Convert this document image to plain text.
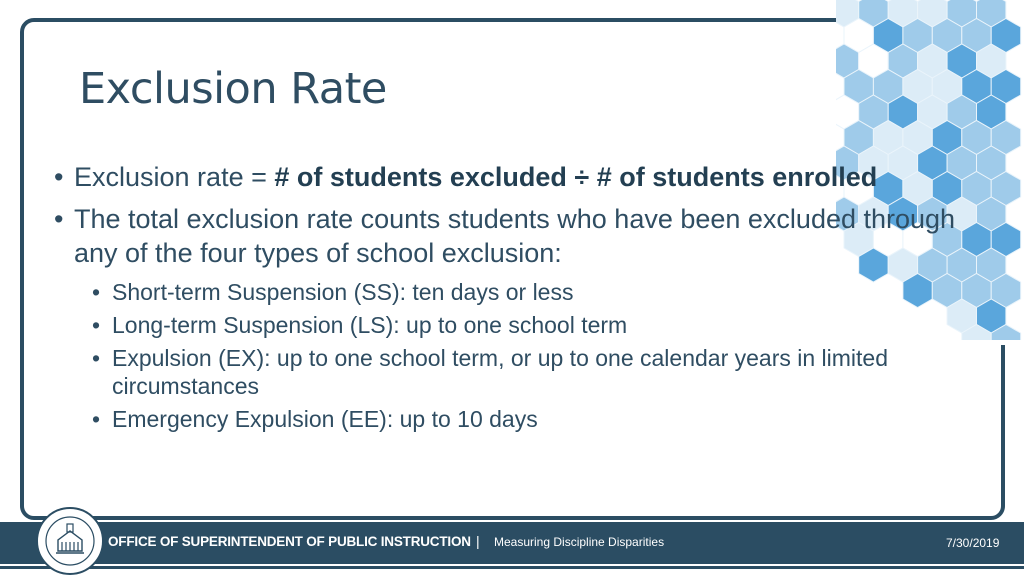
Exclusion Rate
• Exclusion rate = # of students excluded ÷ # of students enrolled
• The total exclusion rate counts students who have been excluded through any of the four types of school exclusion:
• Short-term Suspension (SS): ten days or less
• Long-term Suspension (LS): up to one school term
• Expulsion (EX): up to one school term, or up to one calendar years in limited circumstances
• Emergency Expulsion (EE): up to 10 days
OFFICE OF SUPERINTENDENT OF PUBLIC INSTRUCTION | Measuring Discipline Disparities	7/30/2019
